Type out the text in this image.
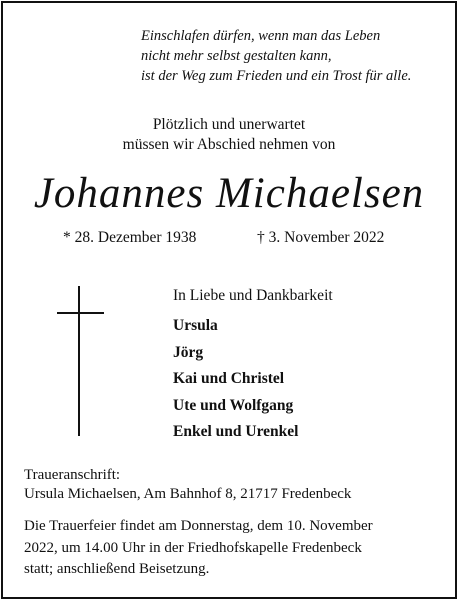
Einschlafen dürfen, wenn man das Leben
nicht mehr selbst gestalten kann,
ist der Weg zum Frieden und ein Trost für alle.
Plötzlich und unerwartet
müssen wir Abschied nehmen von
Johannes Michaelsen
* 28. Dezember 1938	† 3. November 2022
In Liebe und Dankbarkeit
Ursula
Jörg
Kai und Christel
Ute und Wolfgang
Enkel und Urenkel
Traueranschrift:
Ursula Michaelsen, Am Bahnhof 8, 21717 Fredenbeck
Die Trauerfeier findet am Donnerstag, dem 10. November
2022, um 14.00 Uhr in der Friedhofskapelle Fredenbeck
statt; anschließend Beisetzung.
